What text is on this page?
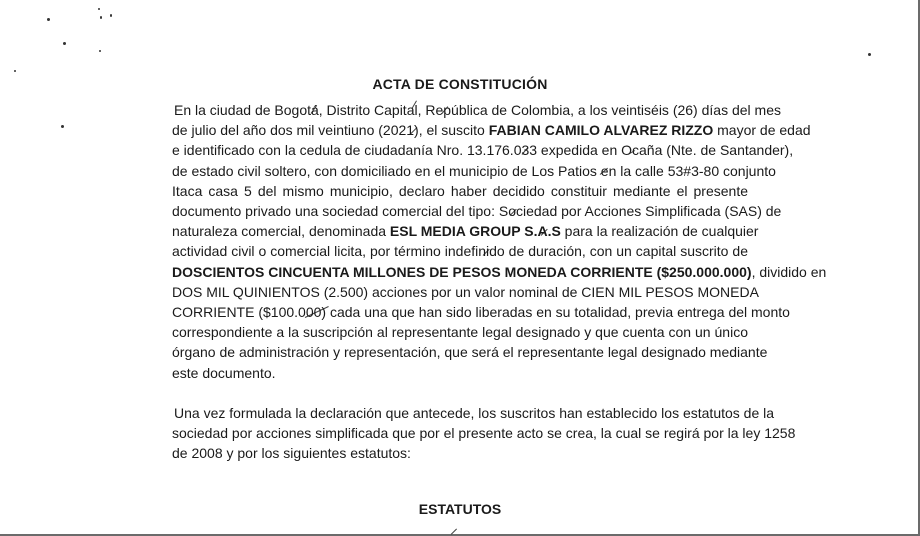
ACTA DE CONSTITUCIÓN
En la ciudad de Bogotá, Distrito Capital, República de Colombia, a los veintiséis (26) días del mes
de julio del año dos mil veintiuno (2021), el suscito FABIAN CAMILO ALVAREZ RIZZO mayor de edad
e identificado con la cedula de ciudadanía Nro. 13.176.033 expedida en Ocaña (Nte. de Santander),
de estado civil soltero, con domiciliado en el municipio de Los Patios en la calle 53#3-80 conjunto
Itaca casa 5 del mismo municipio, declaro haber decidido constituir mediante el presente
documento privado una sociedad comercial del tipo: Sociedad por Acciones Simplificada (SAS) de
naturaleza comercial, denominada ESL MEDIA GROUP S.A.S para la realización de cualquier
actividad civil o comercial licita, por término indefinido de duración, con un capital suscrito de
DOSCIENTOS CINCUENTA MILLONES DE PESOS MONEDA CORRIENTE ($250.000.000), dividido en
DOS MIL QUINIENTOS (2.500) acciones por un valor nominal de CIEN MIL PESOS MONEDA
CORRIENTE ($100.000) cada una que han sido liberadas en su totalidad, previa entrega del monto
correspondiente a la suscripción al representante legal designado y que cuenta con un único
órgano de administración y representación, que será el representante legal designado mediante
este documento.
Una vez formulada la declaración que antecede, los suscritos han establecido los estatutos de la
sociedad por acciones simplificada que por el presente acto se crea, la cual se regirá por la ley 1258
de 2008 y por los siguientes estatutos:
ESTATUTOS
